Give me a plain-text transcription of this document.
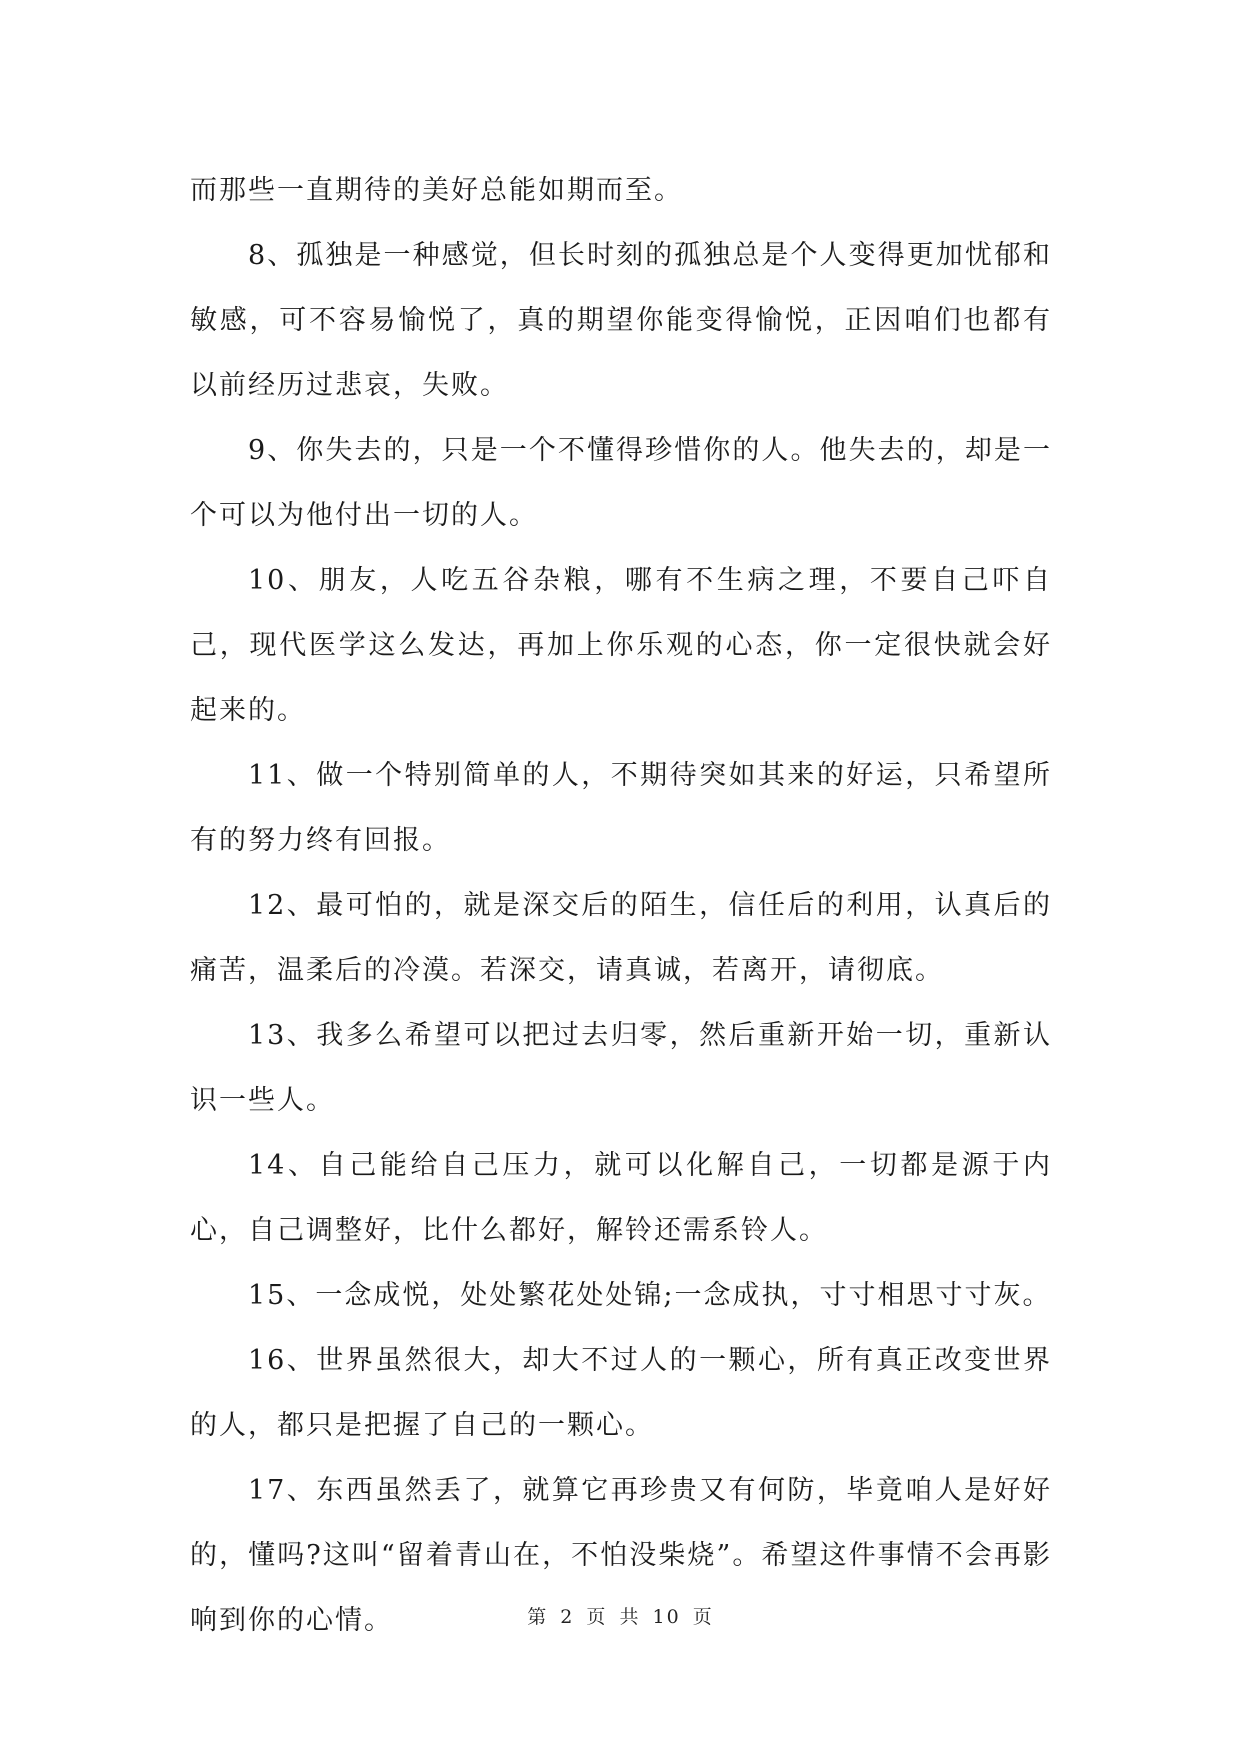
而那些一直期待的美好总能如期而至。

8、孤独是一种感觉，但长时刻的孤独总是个人变得更加忧郁和敏感，可不容易愉悦了，真的期望你能变得愉悦，正因咱们也都有以前经历过悲哀，失败。

9、你失去的，只是一个不懂得珍惜你的人。他失去的，却是一个可以为他付出一切的人。

10、朋友，人吃五谷杂粮，哪有不生病之理，不要自己吓自己，现代医学这么发达，再加上你乐观的心态，你一定很快就会好起来的。

11、做一个特别简单的人，不期待突如其来的好运，只希望所有的努力终有回报。

12、最可怕的，就是深交后的陌生，信任后的利用，认真后的痛苦，温柔后的冷漠。若深交，请真诚，若离开，请彻底。

13、我多么希望可以把过去归零，然后重新开始一切，重新认识一些人。

14、自己能给自己压力，就可以化解自己，一切都是源于内心，自己调整好，比什么都好，解铃还需系铃人。

15、一念成悦，处处繁花处处锦;一念成执，寸寸相思寸寸灰。

16、世界虽然很大，却大不过人的一颗心，所有真正改变世界的人，都只是把握了自己的一颗心。

17、东西虽然丢了，就算它再珍贵又有何防，毕竟咱人是好好的，懂吗?这叫“留着青山在，不怕没柴烧”。希望这件事情不会再影响到你的心情。	第 2 页 共 10 页
